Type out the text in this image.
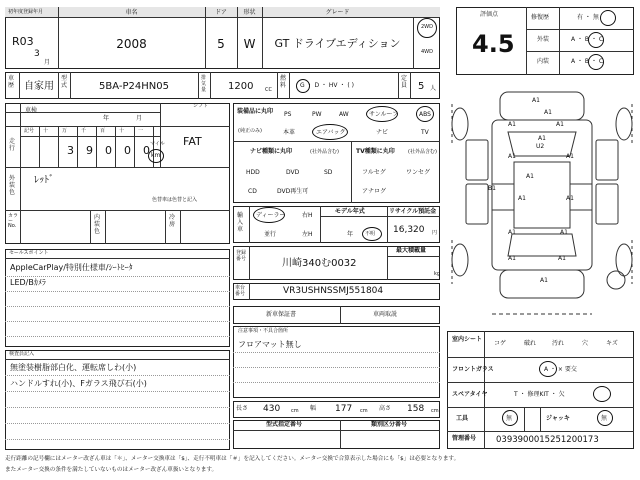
初年度登録年月
R03
3
月
車名
2008
ドア
5
形状
W
グレード
GT ドライブエディション
2WD
4WD
車歴 自家用
型式	5BA-P24HN05
排気量 1200 CC
燃料	G ・ D ・ HV ・ ( )
定員 5 人
評価点
4.5
修復歴	有 ・ 無
外装	A ・ B ・ C
内装	A ・ B ・ C
車検
年	月
シフト
FAT
走行
記号 十	万	千	百	十	一
3 9 0 0 0 マイル
km
外装色
ﾚｯﾄﾞ
色替車は色替と記入
カラーNo.
内装色
冷房
セールスポイント
AppleCarPlay/特別仕様車/ｼｰﾄﾋｰﾀ
LED/Bｶﾒﾗ
検査員記入
無塗装樹脂部白化、運転席しわ(小)
ハンドルすれ(小)、Fガラス飛び石(小)
装備品に丸印
(純正のみ)
PS	PW	AW	サンルーフ	ABS
本革	エアバック	ナビ	TV
ナビ種類に丸印	(社外品含む)	TV種類に丸印	(社外品含む)
HDD	DVD	SD
CD	DVD再生可
フルセグ	ワンセグ
アナログ
輸入車
ディーラー
並行
右H
左H
モデル年式
年 不明
リサイクル預託金
16,320 円
登録番号	川崎340む0032
最大積載量
kg
車台番号	VR3USHNSSMJ551804
新車保証書	車両取説
注意事項・不具合箇所
フロアマット無し
長さ 430 cm 幅 177 cm 高さ 158 cm
型式指定番号	類別区分番号
A1
A1
A1	A1
A1
A1	A1
A1
U2
B1
A1	A1
A1	A1
A1	A1
A1
室内シート
コゲ	破れ	汚れ	穴	キズ
フロントガラス	A ・ × 要交
スペアタイヤ	T ・ 修理KIT ・ 欠
工具	無	ジャッキ	無
管理番号 0393900015251200173
走行距離の記号欄にはメーター改ざん車は「＊」、メーター交換車は「$」、走行不明車は「＃」を記入してください。メーター交換で合算表示した場合にも「$」は必要となります。
またメーター交換の条件を満たしていないものはメーター改ざん車扱いとなります。
